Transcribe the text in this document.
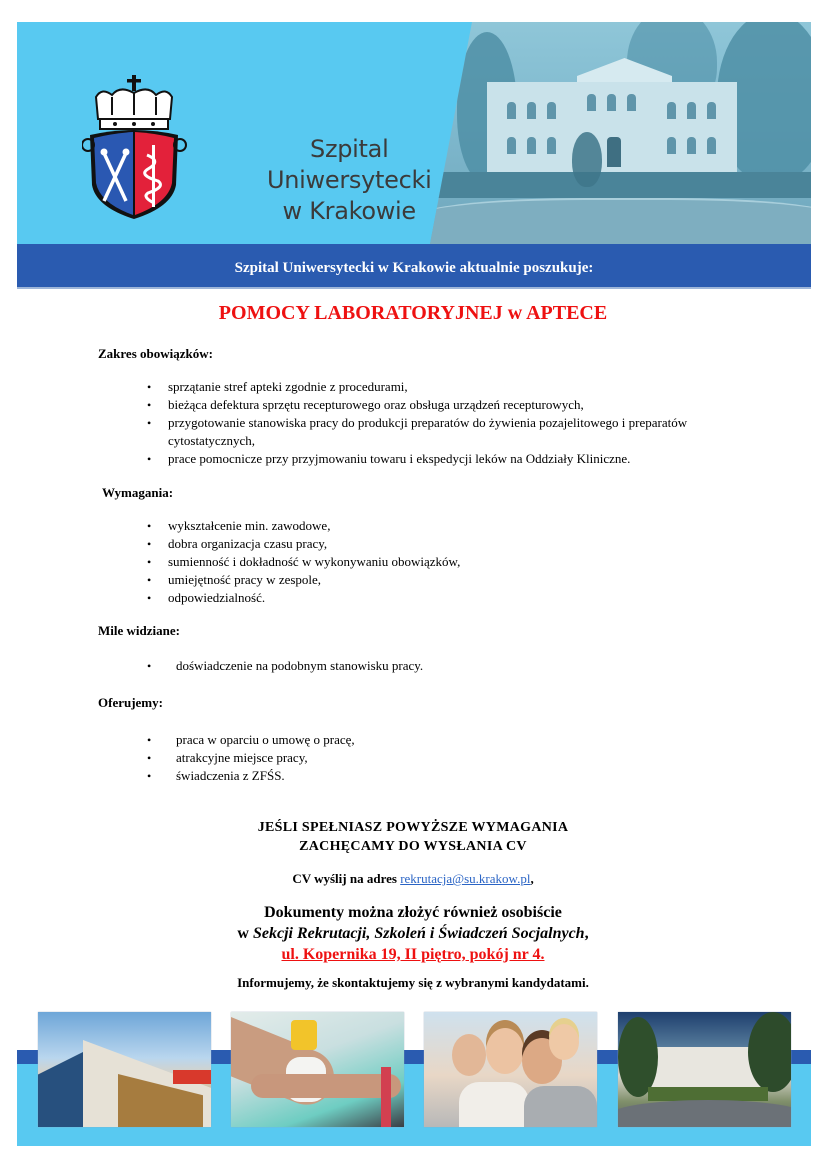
Szpital
Uniwersytecki
w Krakowie
Szpital Uniwersytecki w Krakowie aktualnie poszukuje:
POMOCY LABORATORYJNEJ w APTECE
Zakres obowiązków:
• sprzątanie stref apteki zgodnie z procedurami,
• bieżąca defektura sprzętu recepturowego oraz obsługa urządzeń recepturowych,
• przygotowanie stanowiska pracy do produkcji preparatów do żywienia pozajelitowego i preparatów cytostatycznych,
• prace pomocnicze przy przyjmowaniu towaru i ekspedycji leków na Oddziały Kliniczne.
Wymagania:
• wykształcenie min. zawodowe,
• dobra organizacja czasu pracy,
• sumienność i dokładność w wykonywaniu obowiązków,
• umiejętność pracy w zespole,
• odpowiedzialność.
Mile widziane:
• doświadczenie na podobnym stanowisku pracy.
Oferujemy:
• praca w oparciu o umowę o pracę,
• atrakcyjne miejsce pracy,
• świadczenia z ZFŚS.
JEŚLI SPEŁNIASZ POWYŻSZE WYMAGANIA
ZACHĘCAMY DO WYSŁANIA CV
CV wyślij na adres rekrutacja@su.krakow.pl,
Dokumenty można złożyć również osobiście
w Sekcji Rekrutacji, Szkoleń i Świadczeń Socjalnych,
ul. Kopernika 19, II piętro, pokój nr 4.
Informujemy, że skontaktujemy się z wybranymi kandydatami.
